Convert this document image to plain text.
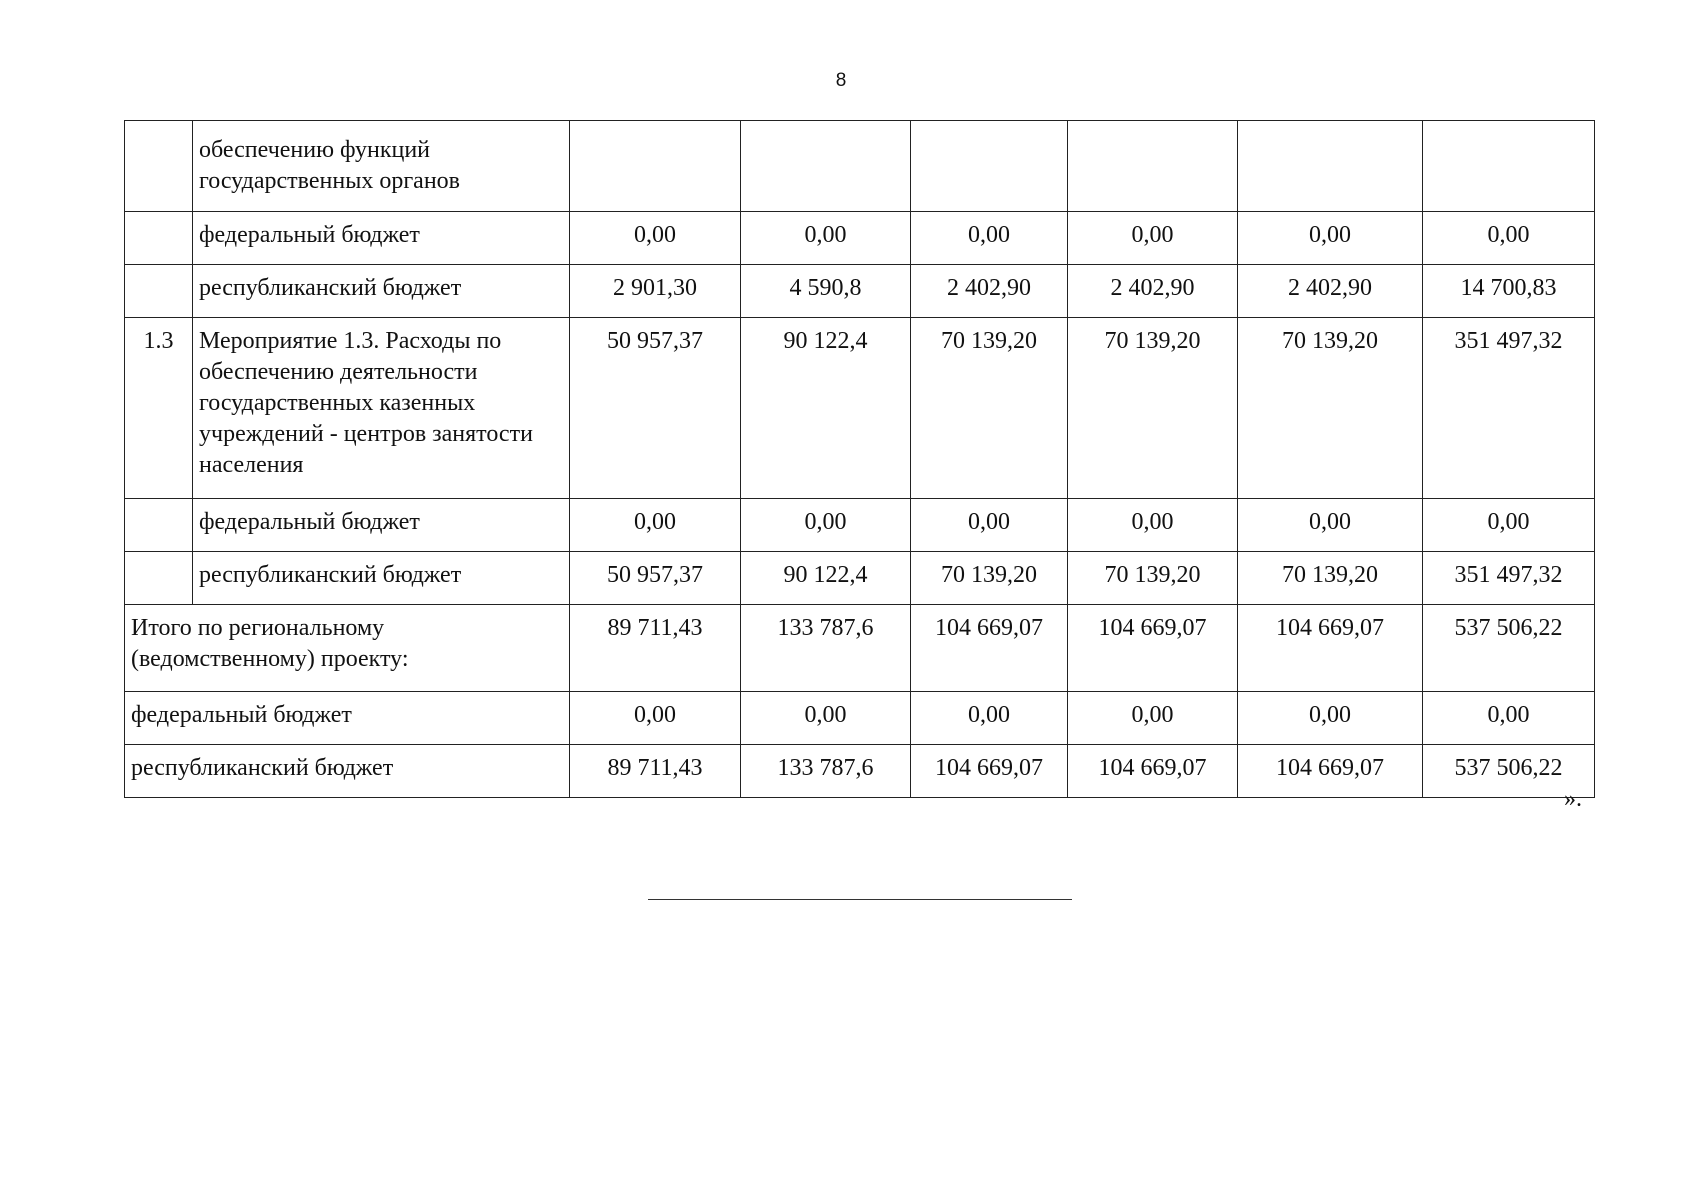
8
	обеспечению функций государственных органов						
	федеральный бюджет	0,00	0,00	0,00	0,00	0,00	0,00
	республиканский бюджет	2 901,30	4 590,8	2 402,90	2 402,90	2 402,90	14 700,83
1.3	Мероприятие 1.3. Расходы по обеспечению деятельности государственных казенных учреждений - центров занятости населения	50 957,37	90 122,4	70 139,20	70 139,20	70 139,20	351 497,32
	федеральный бюджет	0,00	0,00	0,00	0,00	0,00	0,00
	республиканский бюджет	50 957,37	90 122,4	70 139,20	70 139,20	70 139,20	351 497,32
Итого по региональному (ведомственному) проекту:		89 711,43	133 787,6	104 669,07	104 669,07	104 669,07	537 506,22
федеральный бюджет		0,00	0,00	0,00	0,00	0,00	0,00
республиканский бюджет		89 711,43	133 787,6	104 669,07	104 669,07	104 669,07	537 506,22
».
